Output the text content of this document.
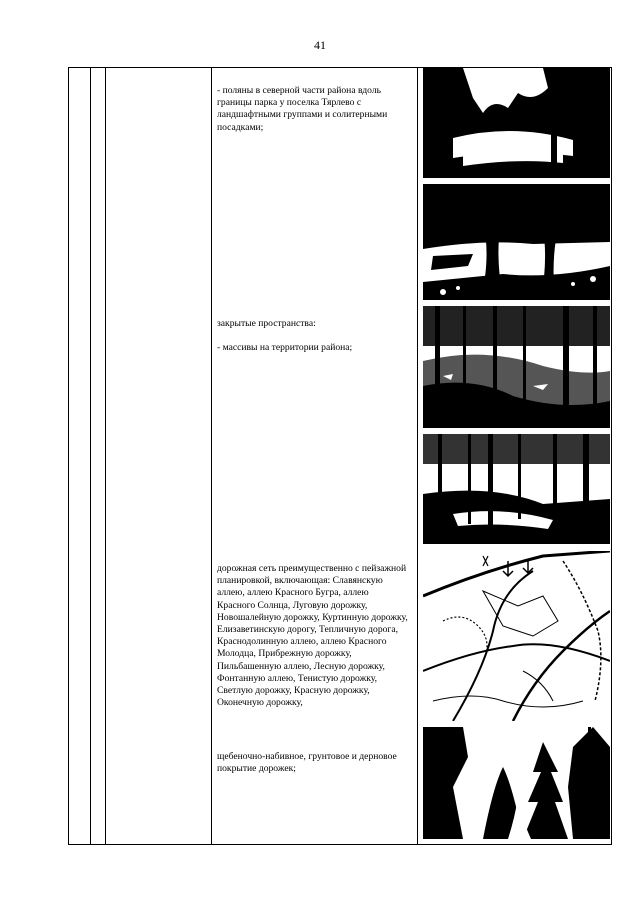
41

- поляны в северной части района вдоль границы парка у поселка Тярлево с ландшафтными группами и солитерными посадками;

закрытые пространства:

- массивы на территории района;

дорожная сеть преимущественно с пейзажной планировкой, включающая: Славянскую аллею, аллею Красного Бугра, аллею Красного Солнца, Луговую дорожку, Новошалейную дорожку, Куртинную дорожку, Елизаветинскую дорогу, Тепличную дорога, Краснодолинную аллею, аллею Красного Молодца, Прибрежную дорожку, Пильбашенную аллею, Лесную дорожку, Фонтанную аллею, Тенистую дорожку, Светлую дорожку, Красную дорожку, Оконечную дорожку,

щебеночно-набивное, грунтовое и дерновое покрытие дорожек;
